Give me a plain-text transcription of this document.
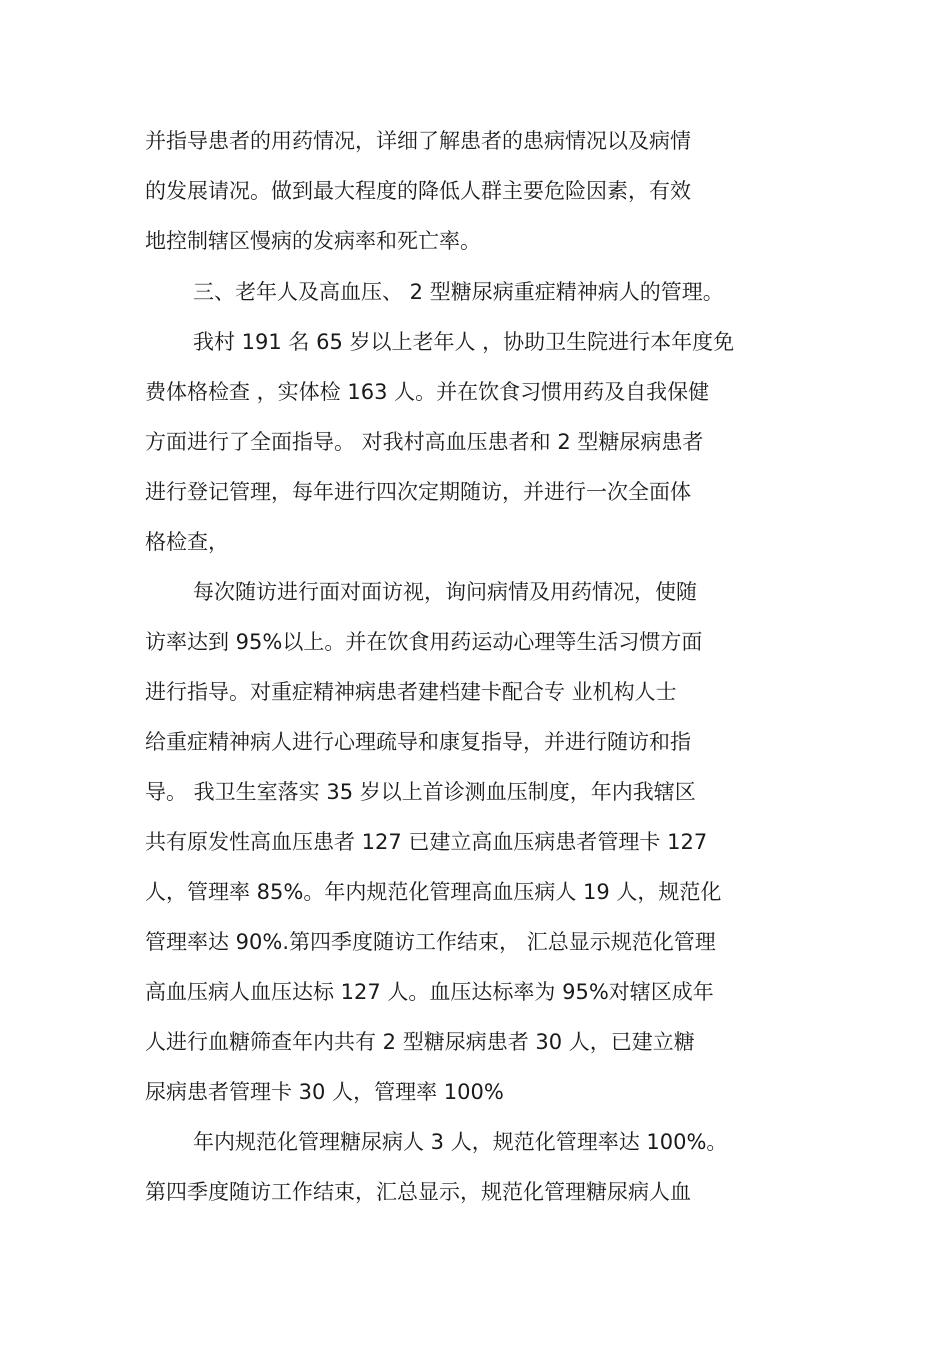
并指导患者的用药情况，详细了解患者的患病情况以及病情
的发展请况。做到最大程度的降低人群主要危险因素，有效
地控制辖区慢病的发病率和死亡率。
三、老年人及高血压、 2 型糖尿病重症精神病人的管理。
我村 191 名 65 岁以上老年人 ，协助卫生院进行本年度免
费体格检查 ，实体检 163 人。并在饮食习惯用药及自我保健
方面进行了全面指导。 对我村高血压患者和 2 型糖尿病患者
进行登记管理，每年进行四次定期随访，并进行一次全面体
格检查，
每次随访进行面对面访视，询问病情及用药情况，使随
访率达到 95%以上。并在饮食用药运动心理等生活习惯方面
进行指导。对重症精神病患者建档建卡配合专 业机构人士
给重症精神病人进行心理疏导和康复指导，并进行随访和指
导。 我卫生室落实 35 岁以上首诊测血压制度，年内我辖区
共有原发性高血压患者 127 已建立高血压病患者管理卡 127
人，管理率 85%。年内规范化管理高血压病人 19 人，规范化
管理率达 90%.第四季度随访工作结束， 汇总显示规范化管理
高血压病人血压达标 127 人。血压达标率为 95%对辖区成年
人进行血糖筛查年内共有 2 型糖尿病患者 30 人，已建立糖
尿病患者管理卡 30 人，管理率 100%
年内规范化管理糖尿病人 3 人，规范化管理率达 100%。
第四季度随访工作结束，汇总显示，规范化管理糖尿病人血
